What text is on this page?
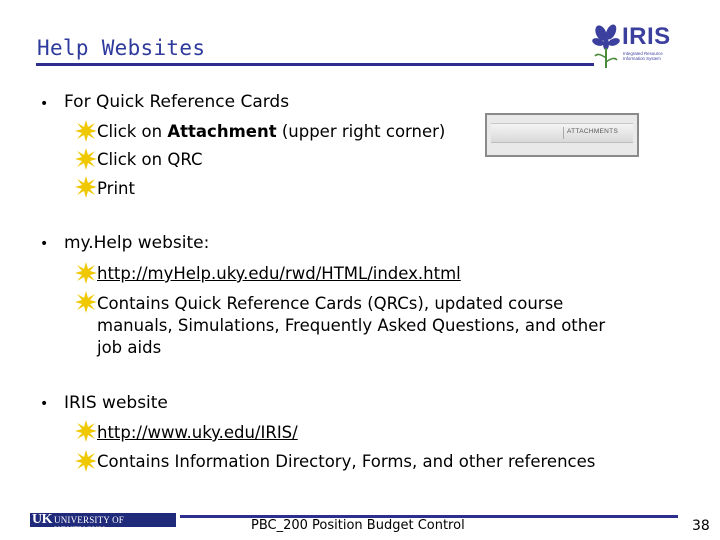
Help Websites	IRIS
Integrated Resource Information System
• For Quick Reference Cards
Click on Attachment (upper right corner)
Click on QRC
Print
ATTACHMENTS
• my.Help website:
http://myHelp.uky.edu/rwd/HTML/index.html
Contains Quick Reference Cards (QRCs), updated course
manuals, Simulations, Frequently Asked Questions, and other
job aids
• IRIS website
http://www.uky.edu/IRIS/
Contains Information Directory, Forms, and other references
UK UNIVERSITY OF KENTUCKY	PBC_200 Position Budget Control	38
